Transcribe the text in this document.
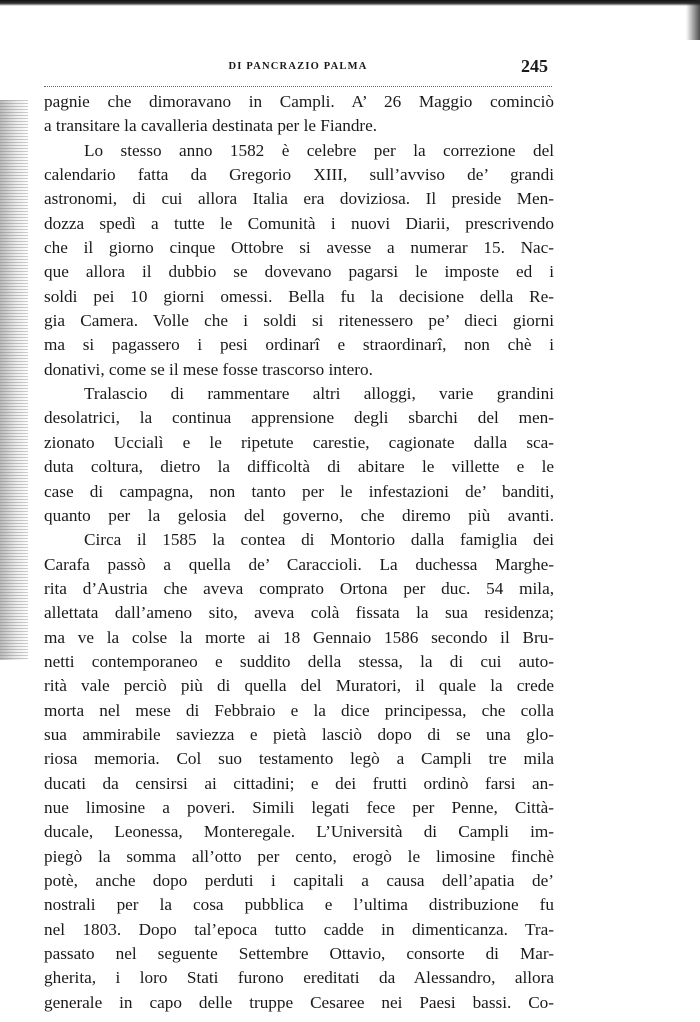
DI PANCRAZIO PALMA	245
pagnie che dimoravano in Campli. A’ 26 Maggio cominciò
a transitare la cavalleria destinata per le Fiandre.
Lo stesso anno 1582 è celebre per la correzione del
calendario fatta da Gregorio XIII, sull’avviso de’ grandi
astronomi, di cui allora Italia era doviziosa. Il preside Men-
dozza spedì a tutte le Comunità i nuovi Diarii, prescrivendo
che il giorno cinque Ottobre si avesse a numerar 15. Nac-
que allora il dubbio se dovevano pagarsi le imposte ed i
soldi pei 10 giorni omessi. Bella fu la decisione della Re-
gia Camera. Volle che i soldi si ritenessero pe’ dieci giorni
ma si pagassero i pesi ordinarî e straordinarî, non chè i
donativi, come se il mese fosse trascorso intero.
Tralascio di rammentare altri alloggi, varie grandini
desolatrici, la continua apprensione degli sbarchi del men-
zionato Uccialì e le ripetute carestie, cagionate dalla sca-
duta coltura, dietro la difficoltà di abitare le villette e le
case di campagna, non tanto per le infestazioni de’ banditi,
quanto per la gelosia del governo, che diremo più avanti.
Circa il 1585 la contea di Montorio dalla famiglia dei
Carafa passò a quella de’ Caraccioli. La duchessa Marghe-
rita d’Austria che aveva comprato Ortona per duc. 54 mila,
allettata dall’ameno sito, aveva colà fissata la sua residenza;
ma ve la colse la morte ai 18 Gennaio 1586 secondo il Bru-
netti contemporaneo e suddito della stessa, la di cui auto-
rità vale perciò più di quella del Muratori, il quale la crede
morta nel mese di Febbraio e la dice principessa, che colla
sua ammirabile saviezza e pietà lasciò dopo di se una glo-
riosa memoria. Col suo testamento legò a Campli tre mila
ducati da censirsi ai cittadini; e dei frutti ordinò farsi an-
nue limosine a poveri. Simili legati fece per Penne, Città-
ducale, Leonessa, Monteregale. L’Università di Campli im-
piegò la somma all’otto per cento, erogò le limosine finchè
potè, anche dopo perduti i capitali a causa dell’apatia de’
nostrali per la cosa pubblica e l’ultima distribuzione fu
nel 1803. Dopo tal’epoca tutto cadde in dimenticanza. Tra-
passato nel seguente Settembre Ottavio, consorte di Mar-
gherita, i loro Stati furono ereditati da Alessandro, allora
generale in capo delle truppe Cesaree nei Paesi bassi. Co-
